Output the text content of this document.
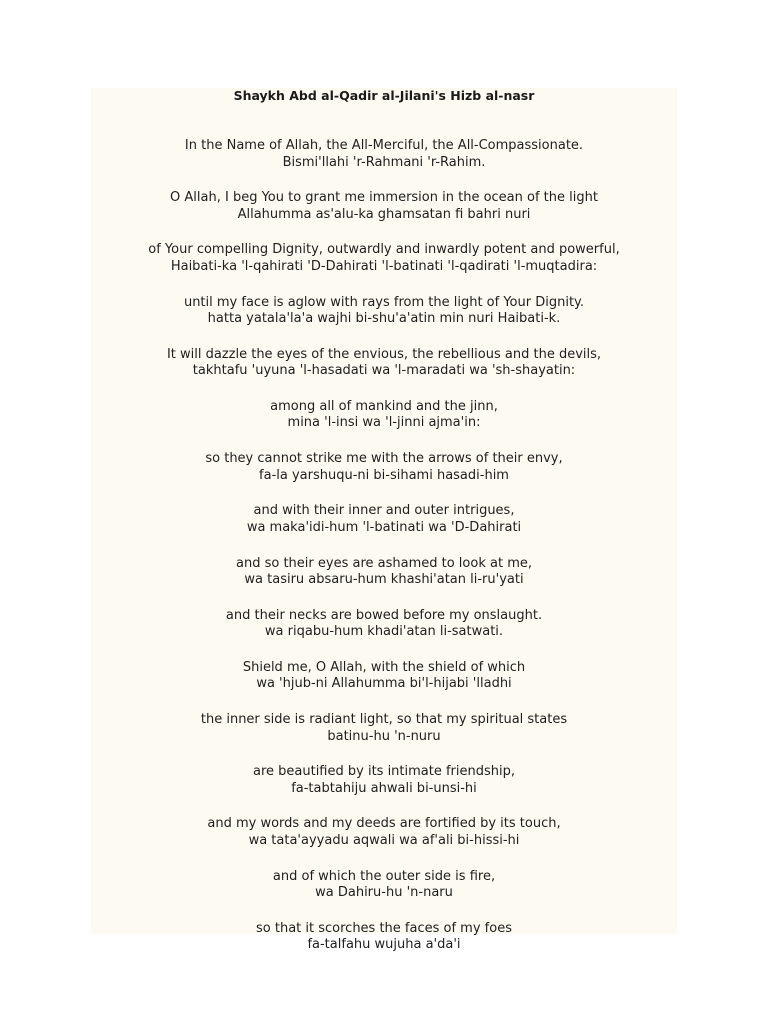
Shaykh Abd al-Qadir al-Jilani's Hizb al-nasr
In the Name of Allah, the All-Merciful, the All-Compassionate.
Bismi'llahi 'r-Rahmani 'r-Rahim.
O Allah, I beg You to grant me immersion in the ocean of the light
Allahumma as'alu-ka ghamsatan fi bahri nuri
of Your compelling Dignity, outwardly and inwardly potent and powerful,
Haibati-ka 'l-qahirati 'D-Dahirati 'l-batinati 'l-qadirati 'l-muqtadira:
until my face is aglow with rays from the light of Your Dignity.
hatta yatala'la'a wajhi bi-shu'a'atin min nuri Haibati-k.
It will dazzle the eyes of the envious, the rebellious and the devils,
takhtafu 'uyuna 'l-hasadati wa 'l-maradati wa 'sh-shayatin:
among all of mankind and the jinn,
mina 'l-insi wa 'l-jinni ajma'in:
so they cannot strike me with the arrows of their envy,
fa-la yarshuqu-ni bi-sihami hasadi-him
and with their inner and outer intrigues,
wa maka'idi-hum 'l-batinati wa 'D-Dahirati
and so their eyes are ashamed to look at me,
wa tasiru absaru-hum khashi'atan li-ru'yati
and their necks are bowed before my onslaught.
wa riqabu-hum khadi'atan li-satwati.
Shield me, O Allah, with the shield of which
wa 'hjub-ni Allahumma bi'l-hijabi 'lladhi
the inner side is radiant light, so that my spiritual states
batinu-hu 'n-nuru
are beautified by its intimate friendship,
fa-tabtahiju ahwali bi-unsi-hi
and my words and my deeds are fortified by its touch,
wa tata'ayyadu aqwali wa af'ali bi-hissi-hi
and of which the outer side is fire,
wa Dahiru-hu 'n-naru
so that it scorches the faces of my foes
fa-talfahu wujuha a'da'i
